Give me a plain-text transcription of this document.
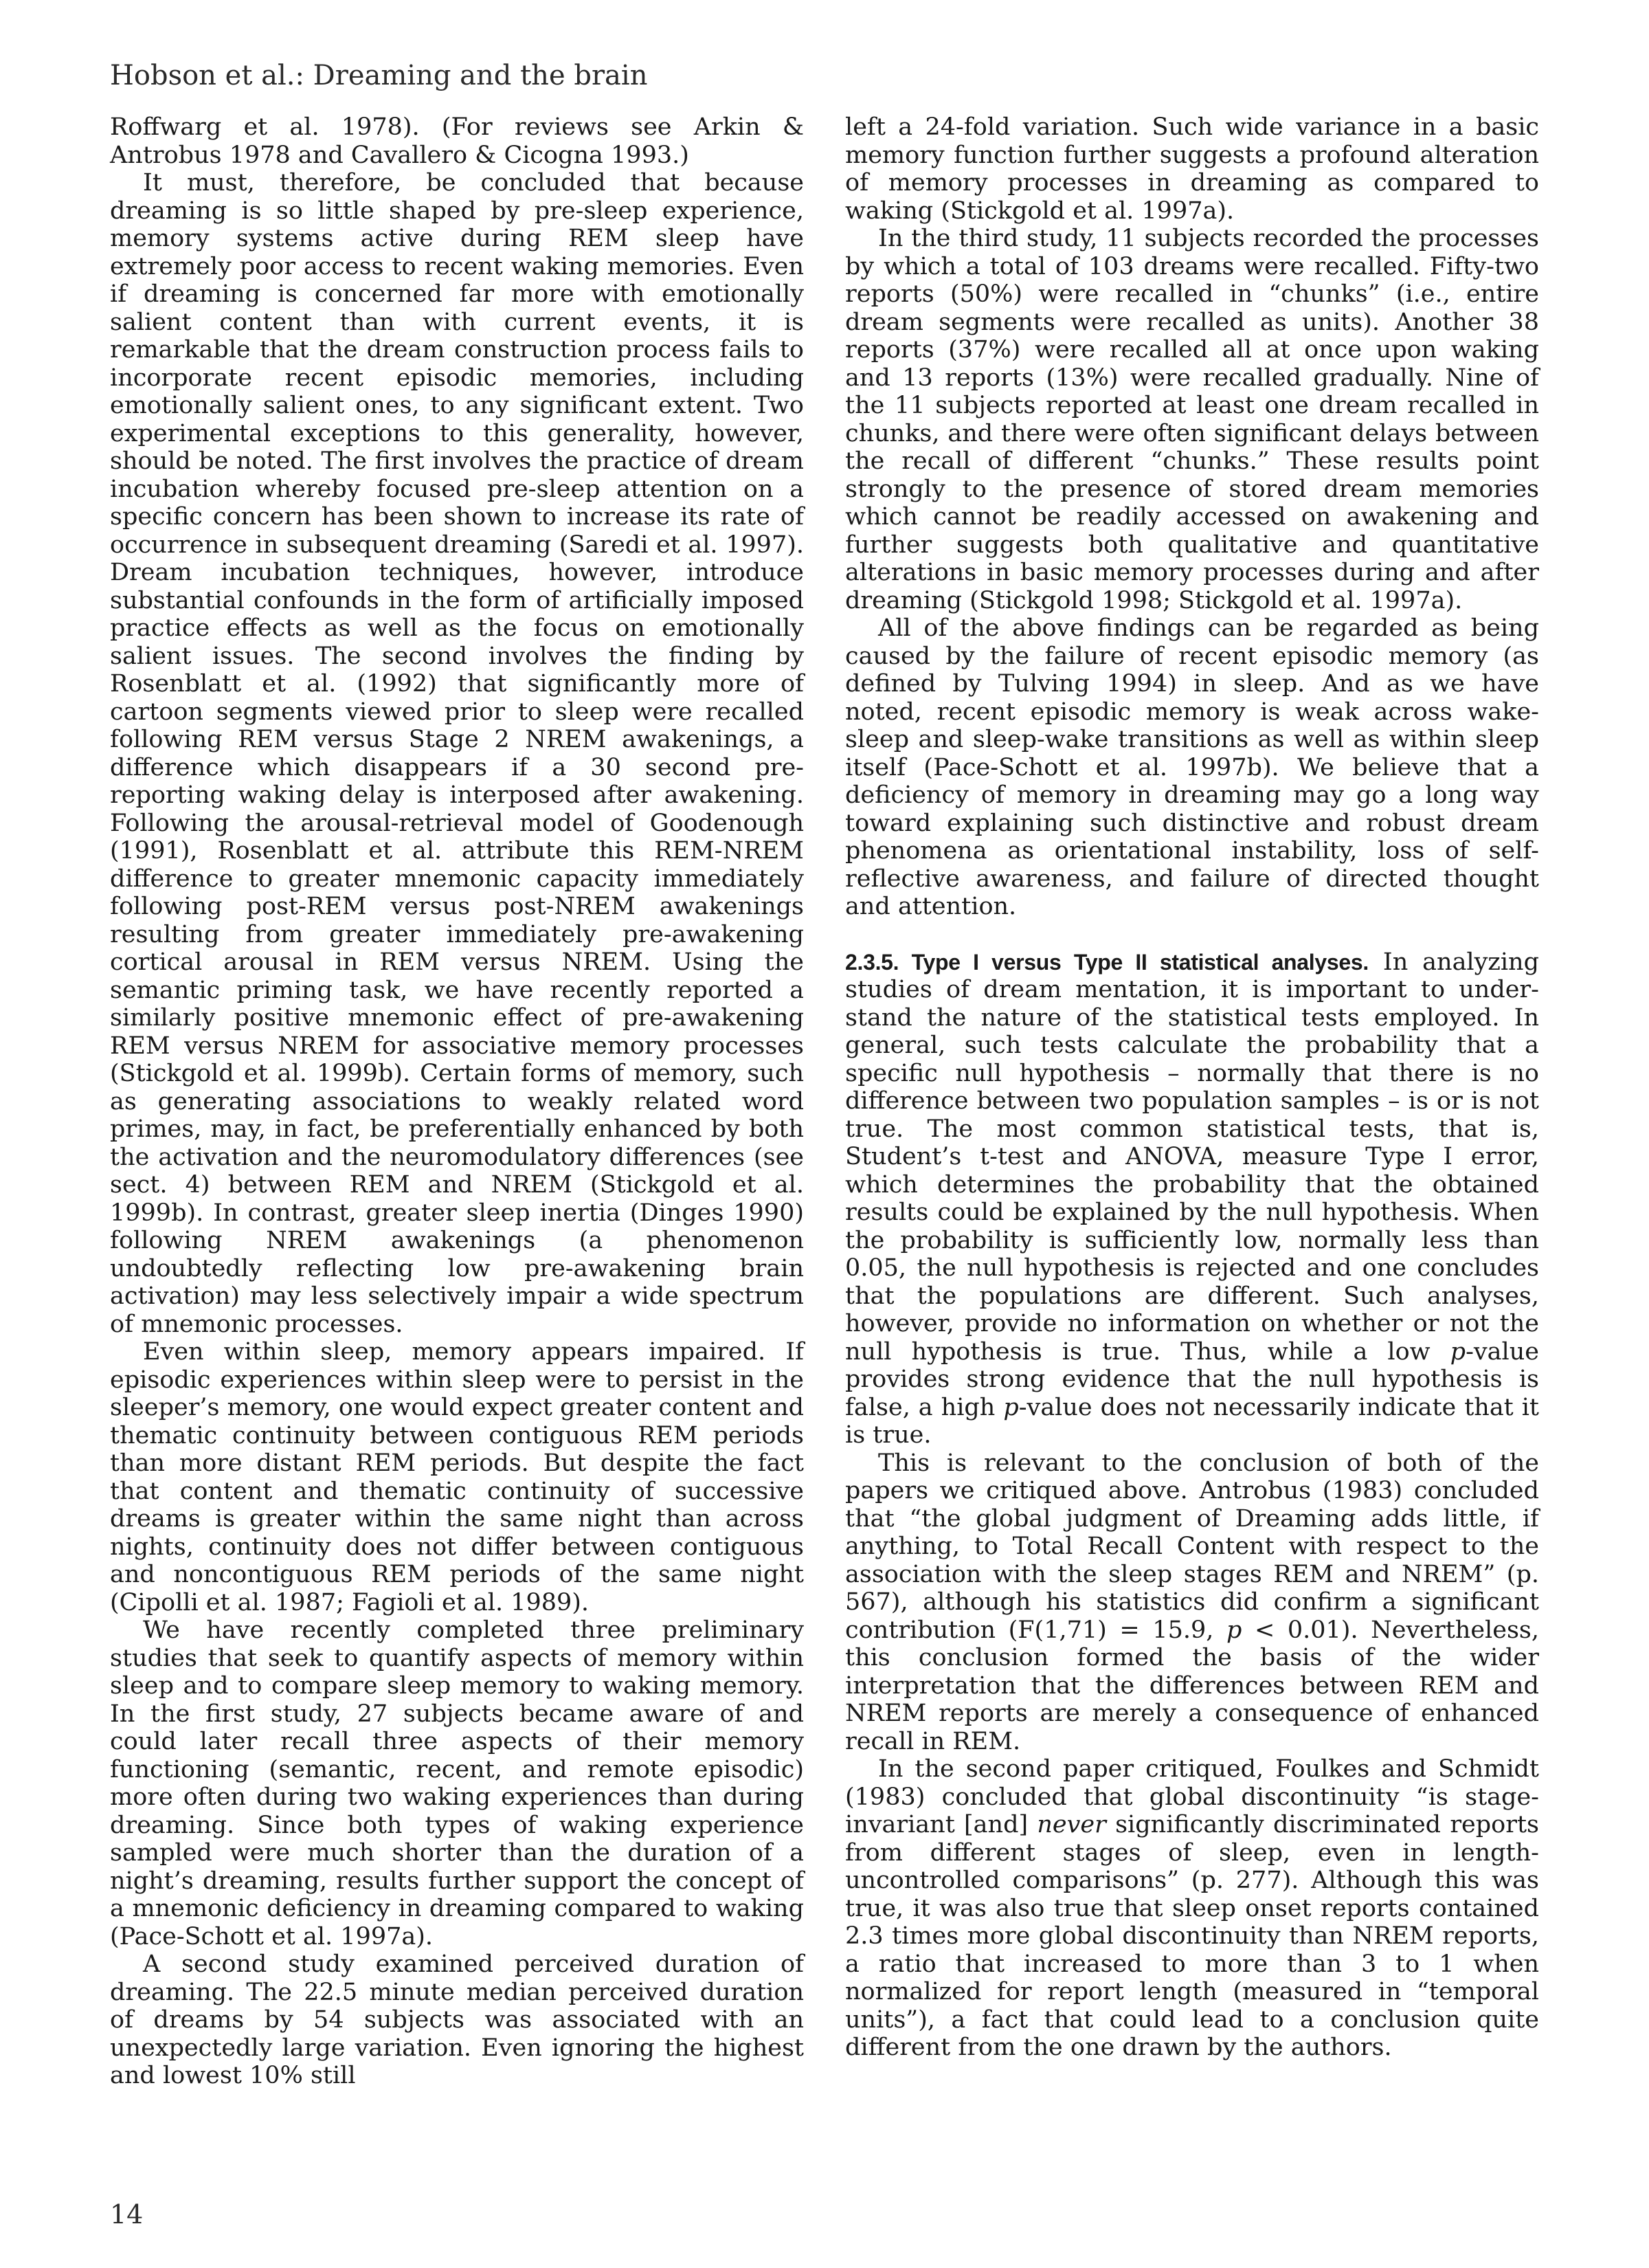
Hobson et al.: Dreaming and the brain

Roffwarg et al. 1978). (For reviews see Arkin & Antrobus 1978 and Cavallero & Cicogna 1993.)

It must, therefore, be concluded that because dreaming is so little shaped by pre-sleep experience, memory systems active during REM sleep have extremely poor access to recent waking memories. Even if dreaming is concerned far more with emotionally salient content than with current events, it is remarkable that the dream construction process fails to incorporate recent episodic memories, including emotionally salient ones, to any significant extent. Two experimental exceptions to this generality, however, should be noted. The first involves the practice of dream incubation whereby focused pre-sleep attention on a specific concern has been shown to increase its rate of occurrence in subsequent dreaming (Saredi et al. 1997). Dream incubation techniques, however, introduce substantial confounds in the form of artificially imposed practice effects as well as the focus on emotionally salient issues. The second involves the finding by Rosenblatt et al. (1992) that significantly more of cartoon segments viewed prior to sleep were recalled following REM versus Stage 2 NREM awakenings, a difference which disappears if a 30 second pre-reporting waking delay is interposed after awakening. Following the arousal-retrieval model of Goodenough (1991), Rosenblatt et al. attribute this REM-NREM difference to greater mnemonic capacity immediately following post-REM versus post-NREM awakenings resulting from greater immediately pre-awakening cortical arousal in REM versus NREM. Using the semantic priming task, we have recently reported a similarly positive mnemonic effect of pre-awakening REM versus NREM for associative memory processes (Stickgold et al. 1999b). Certain forms of memory, such as generating associations to weakly related word primes, may, in fact, be preferentially enhanced by both the activation and the neuromodulatory differences (see sect. 4) between REM and NREM (Stickgold et al. 1999b). In contrast, greater sleep inertia (Dinges 1990) following NREM awakenings (a phenomenon undoubtedly reflecting low pre-awakening brain activation) may less selectively impair a wide spectrum of mnemonic processes.

Even within sleep, memory appears impaired. If episodic experiences within sleep were to persist in the sleeper’s memory, one would expect greater content and thematic continuity between contiguous REM periods than more distant REM periods. But despite the fact that content and thematic continuity of successive dreams is greater within the same night than across nights, continuity does not differ between contiguous and noncontiguous REM periods of the same night (Cipolli et al. 1987; Fagioli et al. 1989).

We have recently completed three preliminary studies that seek to quantify aspects of memory within sleep and to compare sleep memory to waking memory. In the first study, 27 subjects became aware of and could later recall three aspects of their memory functioning (semantic, recent, and remote episodic) more often during two waking experiences than during dreaming. Since both types of waking experience sampled were much shorter than the duration of a night’s dreaming, results further support the concept of a mnemonic deficiency in dreaming compared to waking (Pace-Schott et al. 1997a).

A second study examined perceived duration of dreaming. The 22.5 minute median perceived duration of dreams by 54 subjects was associated with an unexpectedly large variation. Even ignoring the highest and lowest 10% still

left a 24-fold variation. Such wide variance in a basic memory function further suggests a profound alteration of memory processes in dreaming as compared to waking (Stickgold et al. 1997a).

In the third study, 11 subjects recorded the processes by which a total of 103 dreams were recalled. Fifty-two reports (50%) were recalled in “chunks” (i.e., entire dream segments were recalled as units). Another 38 reports (37%) were recalled all at once upon waking and 13 reports (13%) were recalled gradually. Nine of the 11 subjects reported at least one dream recalled in chunks, and there were often significant delays between the recall of different “chunks.” These results point strongly to the presence of stored dream memories which cannot be readily accessed on awakening and further suggests both qualitative and quantitative alterations in basic memory processes during and after dreaming (Stickgold 1998; Stickgold et al. 1997a).

All of the above findings can be regarded as being caused by the failure of recent episodic memory (as defined by Tulving 1994) in sleep. And as we have noted, recent episodic memory is weak across wake-sleep and sleep-wake transitions as well as within sleep itself (Pace-Schott et al. 1997b). We believe that a deficiency of memory in dreaming may go a long way toward explaining such distinctive and robust dream phenomena as orientational instability, loss of self-reflective awareness, and failure of directed thought and attention.

2.3.5. Type I versus Type II statistical analyses. In analyzing studies of dream mentation, it is important to understand the nature of the statistical tests employed. In general, such tests calculate the probability that a specific null hypothesis – normally that there is no difference between two population samples – is or is not true. The most common statistical tests, that is, Student’s t-test and ANOVA, measure Type I error, which determines the probability that the obtained results could be explained by the null hypothesis. When the probability is sufficiently low, normally less than 0.05, the null hypothesis is rejected and one concludes that the populations are different. Such analyses, however, provide no information on whether or not the null hypothesis is true. Thus, while a low p-value provides strong evidence that the null hypothesis is false, a high p-value does not necessarily indicate that it is true.

This is relevant to the conclusion of both of the papers we critiqued above. Antrobus (1983) concluded that “the global judgment of Dreaming adds little, if anything, to Total Recall Content with respect to the association with the sleep stages REM and NREM” (p. 567), although his statistics did confirm a significant contribution (F(1,71) = 15.9, p < 0.01). Nevertheless, this conclusion formed the basis of the wider interpretation that the differences between REM and NREM reports are merely a consequence of enhanced recall in REM.

In the second paper critiqued, Foulkes and Schmidt (1983) concluded that global discontinuity “is stage-invariant [and] never significantly discriminated reports from different stages of sleep, even in length-uncontrolled comparisons” (p. 277). Although this was true, it was also true that sleep onset reports contained 2.3 times more global discontinuity than NREM reports, a ratio that increased to more than 3 to 1 when normalized for report length (measured in “temporal units”), a fact that could lead to a conclusion quite different from the one drawn by the authors.

14
